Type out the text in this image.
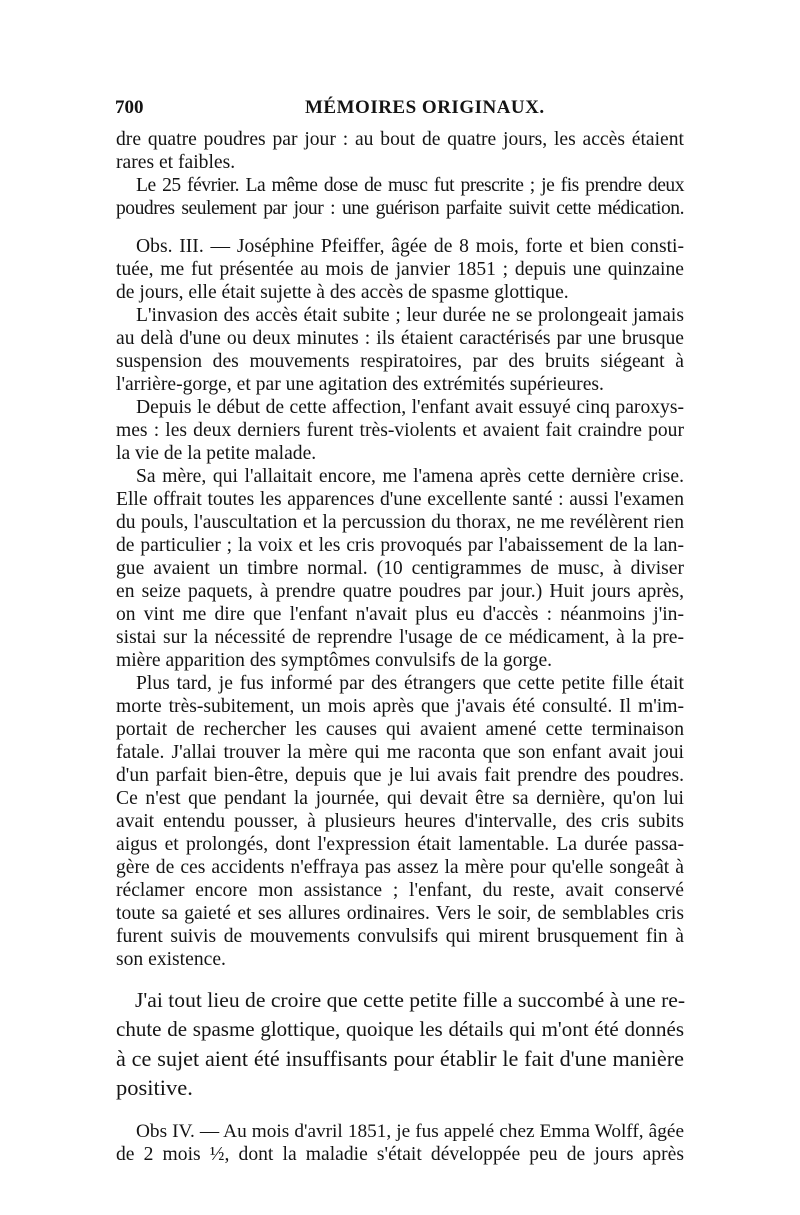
700	MÉMOIRES ORIGINAUX.
dre quatre poudres par jour : au bout de quatre jours, les accès étaient
rares et faibles.
Le 25 février. La même dose de musc fut prescrite ; je fis prendre deux
poudres seulement par jour : une guérison parfaite suivit cette médication.
Obs. III. — Joséphine Pfeiffer, âgée de 8 mois, forte et bien consti-
tuée, me fut présentée au mois de janvier 1851 ; depuis une quinzaine
de jours, elle était sujette à des accès de spasme glottique.
L'invasion des accès était subite ; leur durée ne se prolongeait jamais
au delà d'une ou deux minutes : ils étaient caractérisés par une brusque
suspension des mouvements respiratoires, par des bruits siégeant à
l'arrière-gorge, et par une agitation des extrémités supérieures.
Depuis le début de cette affection, l'enfant avait essuyé cinq paroxys-
mes : les deux derniers furent très-violents et avaient fait craindre pour
la vie de la petite malade.
Sa mère, qui l'allaitait encore, me l'amena après cette dernière crise.
Elle offrait toutes les apparences d'une excellente santé : aussi l'examen
du pouls, l'auscultation et la percussion du thorax, ne me revélèrent rien
de particulier ; la voix et les cris provoqués par l'abaissement de la lan-
gue avaient un timbre normal. (10 centigrammes de musc, à diviser
en seize paquets, à prendre quatre poudres par jour.) Huit jours après,
on vint me dire que l'enfant n'avait plus eu d'accès : néanmoins j'in-
sistai sur la nécessité de reprendre l'usage de ce médicament, à la pre-
mière apparition des symptômes convulsifs de la gorge.
Plus tard, je fus informé par des étrangers que cette petite fille était
morte très-subitement, un mois après que j'avais été consulté. Il m'im-
portait de rechercher les causes qui avaient amené cette terminaison
fatale. J'allai trouver la mère qui me raconta que son enfant avait joui
d'un parfait bien-être, depuis que je lui avais fait prendre des poudres.
Ce n'est que pendant la journée, qui devait être sa dernière, qu'on lui
avait entendu pousser, à plusieurs heures d'intervalle, des cris subits
aigus et prolongés, dont l'expression était lamentable. La durée passa-
gère de ces accidents n'effraya pas assez la mère pour qu'elle songeât à
réclamer encore mon assistance ; l'enfant, du reste, avait conservé
toute sa gaieté et ses allures ordinaires. Vers le soir, de semblables cris
furent suivis de mouvements convulsifs qui mirent brusquement fin à
son existence.
J'ai tout lieu de croire que cette petite fille a succombé à une re-
chute de spasme glottique, quoique les détails qui m'ont été donnés
à ce sujet aient été insuffisants pour établir le fait d'une manière
positive.
Obs IV. — Au mois d'avril 1851, je fus appelé chez Emma Wolff, âgée
de 2 mois ½, dont la maladie s'était développée peu de jours après
